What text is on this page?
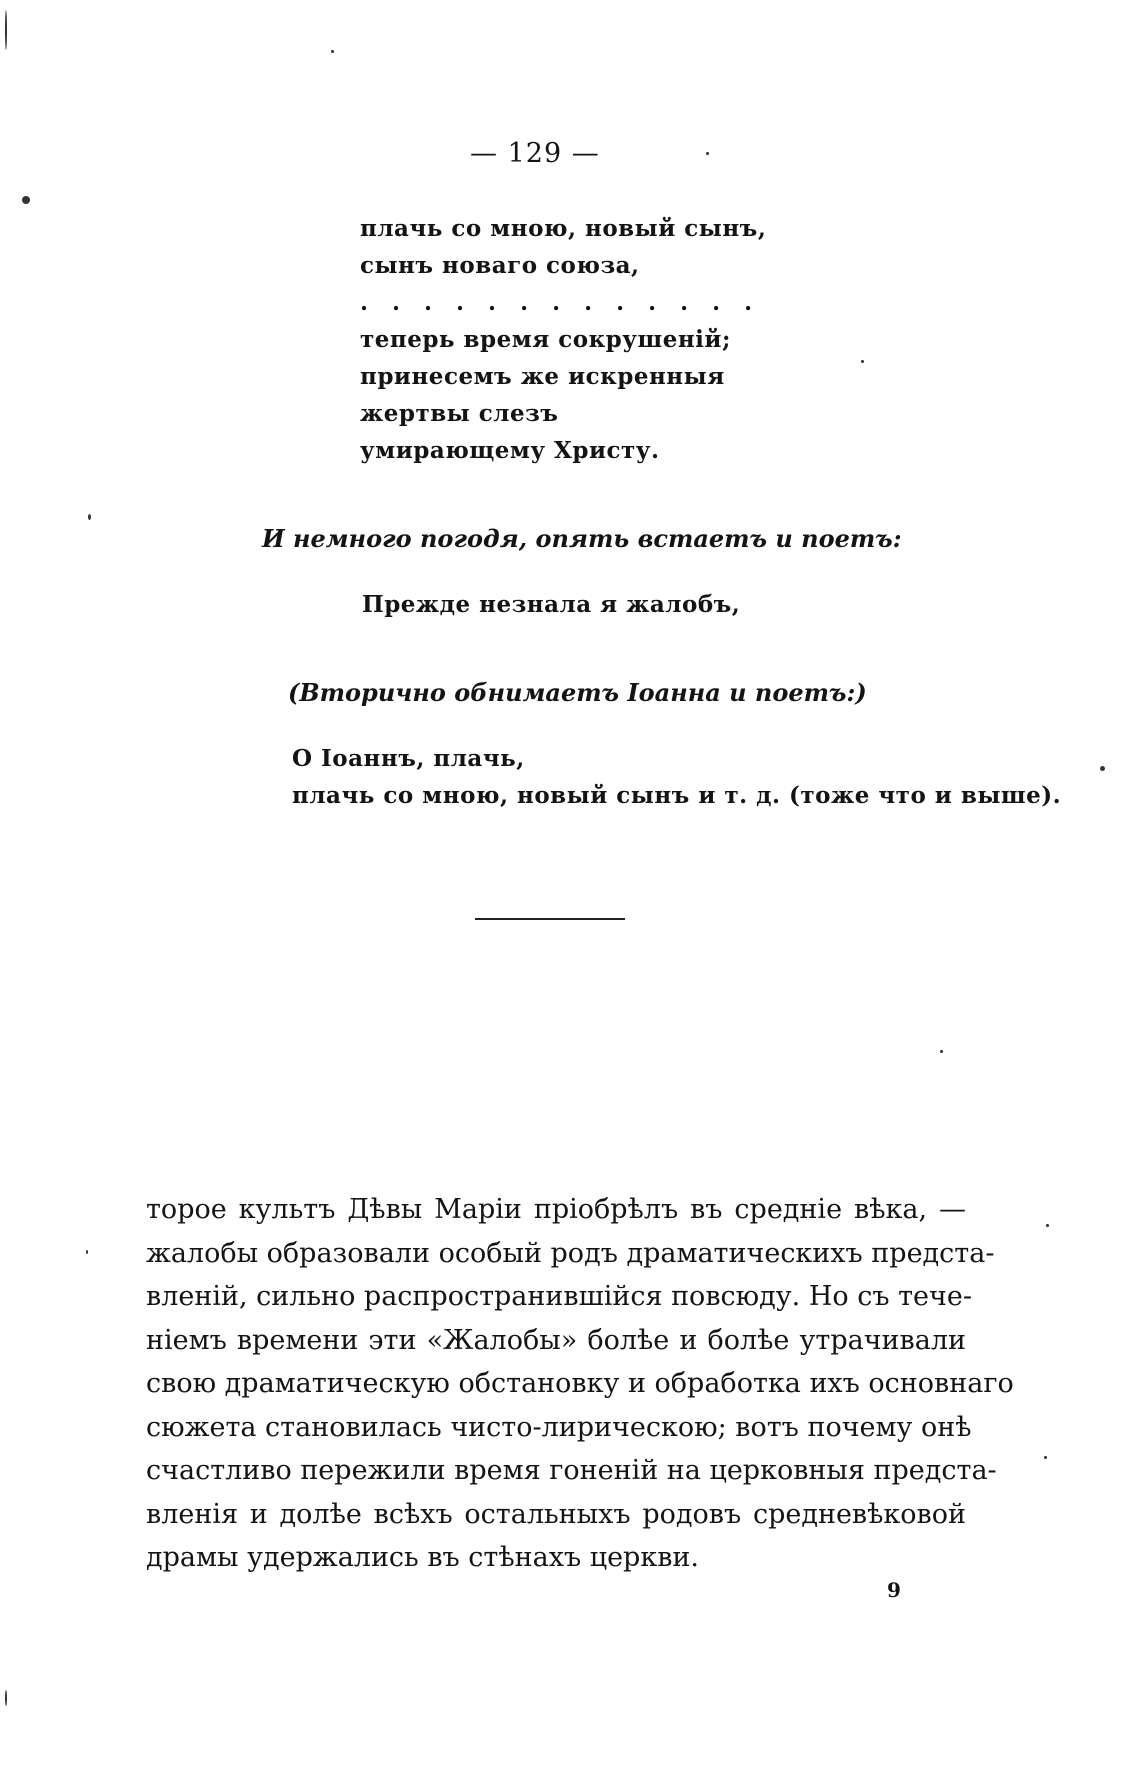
— 129 —
плачь со мною, новый сынъ,
сынъ новаго союза,
. . . . . . . . . . . . .
теперь время сокрушеній;
принесемъ же искренныя
жертвы слезъ
умирающему Христу.
И немного погодя, опять встаетъ и поетъ:
Прежде незнала я жалобъ,
(Вторично обнимаетъ Іоанна и поетъ:)
О Іоаннъ, плачь,
плачь со мною, новый сынъ и т. д. (тоже что и выше).
торое культъ Дѣвы Маріи пріобрѣлъ въ средніе вѣка, —
жалобы образовали особый родъ драматическихъ предста-
вленій, сильно распространившійся повсюду. Но съ тече-
ніемъ времени эти «Жалобы» болѣе и болѣе утрачивали
свою драматическую обстановку и обработка ихъ основнаго
сюжета становилась чисто-лирическою; вотъ почему онѣ
счастливо пережили время гоненій на церковныя предста-
вленія и долѣе всѣхъ остальныхъ родовъ средневѣковой
драмы удержались въ стѣнахъ церкви.
9
